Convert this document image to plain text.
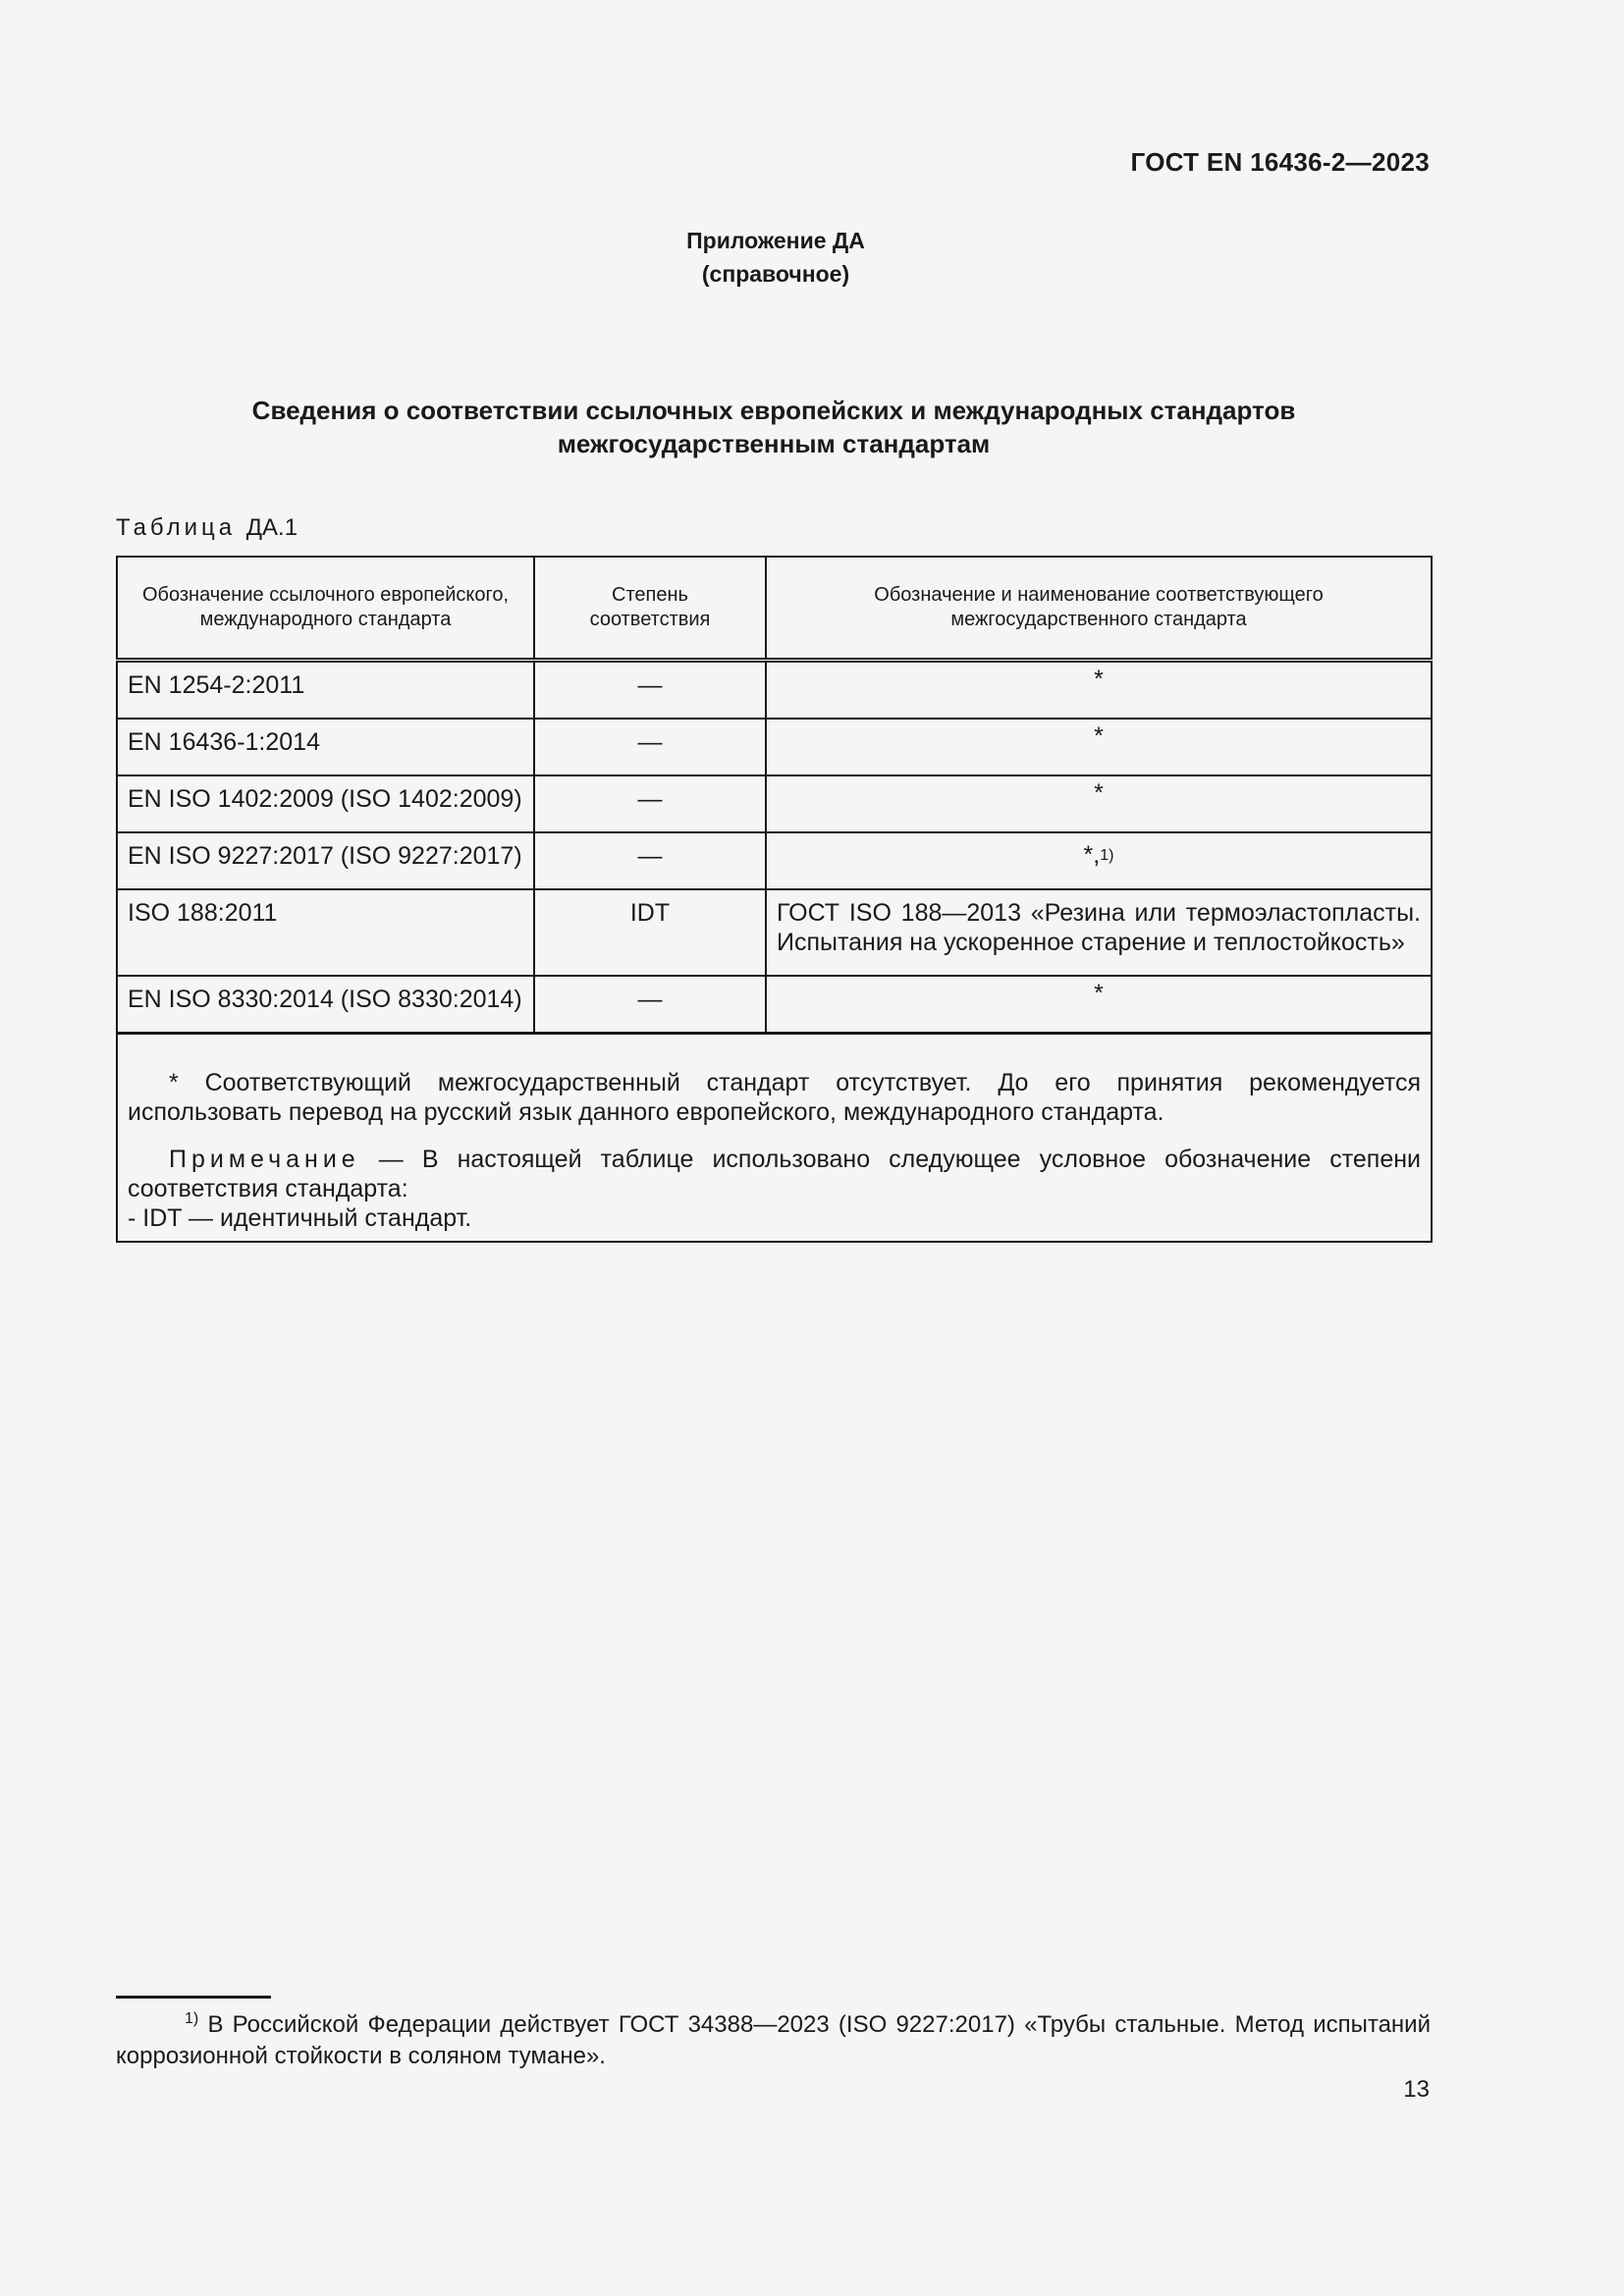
ГОСТ EN 16436-2—2023
Приложение ДА
(справочное)
Сведения о соответствии ссылочных европейских и международных стандартов
межгосударственным стандартам
Таблица ДА.1
Обозначение ссылочного европейского, международного стандарта	Степень соответствия	Обозначение и наименование соответствующего межгосударственного стандарта
EN 1254-2:2011	—	*
EN 16436-1:2014	—	*
EN ISO 1402:2009 (ISO 1402:2009)	—	*
EN ISO 9227:2017 (ISO 9227:2017)	—	*,$^{1)}$
ISO 188:2011	IDT	ГОСТ ISO 188—2013 «Резина или термоэластопласты. Испытания на ускоренное старение и теплостойкость»
EN ISO 8330:2014 (ISO 8330:2014)	—	*

* Соответствующий межгосударственный стандарт отсутствует. До его принятия рекомендуется использовать перевод на русский язык данного европейского, международного стандарта.

Примечание — В настоящей таблице использовано следующее условное обозначение степени соответствия стандарта:

- IDT — идентичный стандарт.		

$^{1)}$ В Российской Федерации действует ГОСТ 34388—2023 (ISO 9227:2017) «Трубы стальные. Метод испытаний коррозионной стойкости в соляном тумане».
13
